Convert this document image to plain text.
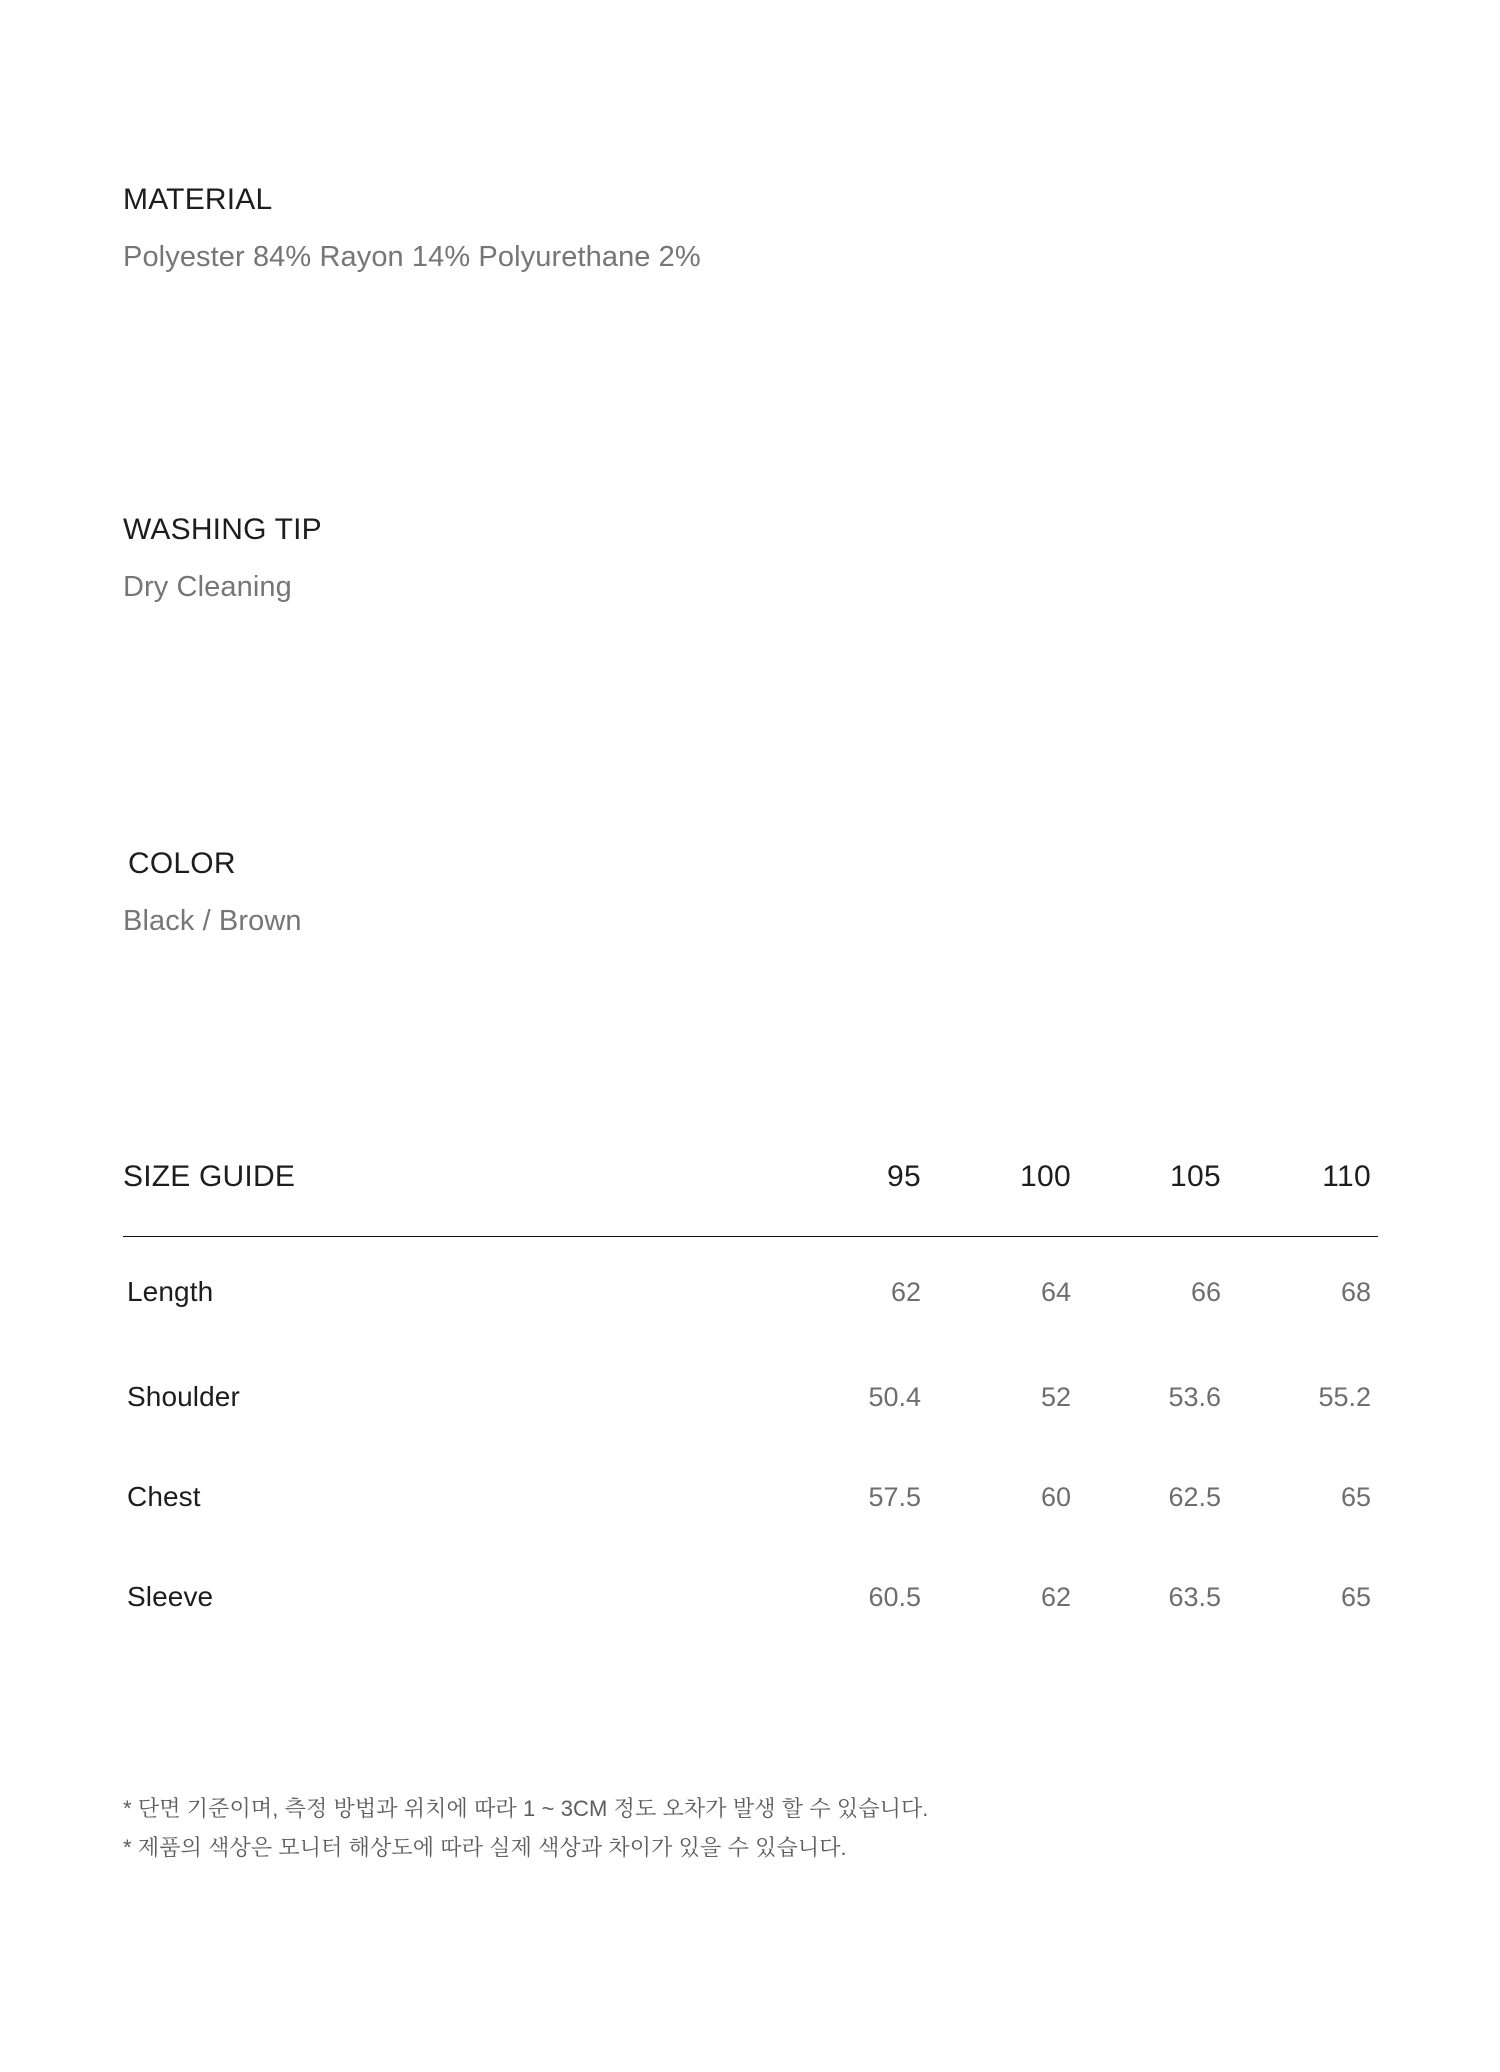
MATERIAL

Polyester 84% Rayon 14% Polyurethane 2%

WASHING TIP

Dry Cleaning

COLOR

Black / Brown

SIZE GUIDE	95	100	105	110

Length	62	64	66	68
Shoulder	50.4	52	53.6	55.2
Chest	57.5	60	62.5	65
Sleeve	60.5	62	63.5	65

* 단면 기준이며, 측정 방법과 위치에 따라 1 ~ 3CM 정도 오차가 발생 할 수 있습니다.

* 제품의 색상은 모니터 해상도에 따라 실제 색상과 차이가 있을 수 있습니다.
